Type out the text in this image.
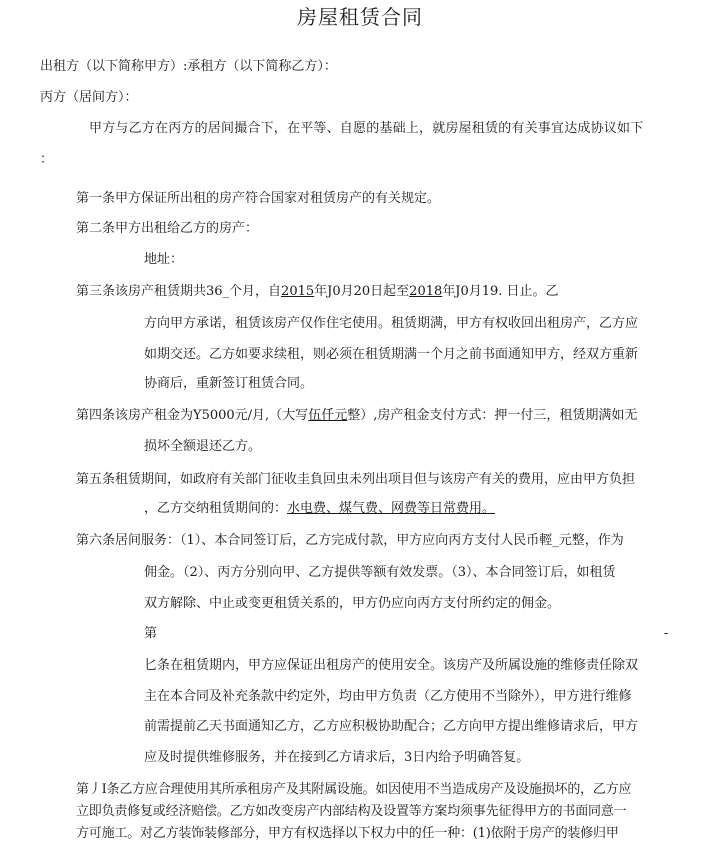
房屋租赁合同
出租方（以下简称甲方）:承租方（以下简称乙方）：
丙方（居间方）：
甲方与乙方在丙方的居间撮合下，在平等、自愿的基础上，就房屋租赁的有关事宜达成协议如下
：
第一条甲方保证所出租的房产符合国家对租赁房产的有关规定。
第二条甲方出租给乙方的房产：
地址：
第三条该房产租赁期共36_个月，自2015年J0月20日起至2018年J0月19. 日止。乙
方向甲方承诺，租赁该房产仅作住宅使用。租赁期满，甲方有权收回出租房产，乙方应
如期交还。乙方如要求续租，则必须在租赁期满一个月之前书面通知甲方，经双方重新
协商后，重新签订租赁合同。
第四条该房产租金为Y5000元/月,（大写伍仟元整）,房产租金支付方式：押一付三，租赁期满如无
损坏全额退还乙方。
第五条租赁期间，如政府有关部门征收圭負回虫未列出项目但与该房产有关的费用，应由甲方负担
，乙方交纳租赁期间的：水电费、煤气费、网费等日常费用。
第六条居间服务：（1）、本合同签订后，乙方完成付款，甲方应向丙方支付人民币輕_元整，作为
佣金。（2）、丙方分别向甲、乙方提供等额有效发票。（3）、本合同签订后，如租赁
双方解除、中止或变更租赁关系的，甲方仍应向丙方支付所约定的佣金。
第	-
匕条在租赁期内，甲方应保证出租房产的使用安全。该房产及所属设施的维修责任除双
主在本合同及补充条款中约定外，均由甲方负责（乙方使用不当除外），甲方进行维修
前需提前乙天书面通知乙方，乙方应积极协助配合；乙方向甲方提出维修请求后，甲方
应及时提供维修服务，并在接到乙方请求后，3日内给予明确答复。
第丿I条乙方应合理使用其所承租房产及其附属设施。如因使用不当造成房产及设施损坏的，乙方应
立即负责修复或经济赔偿。乙方如改变房产内部结构及设置等方案均须事先征得甲方的书面同意一
方可施工。对乙方装饰装修部分，甲方有权选择以下权力中的任一种：(1)依附于房产的装修归甲
